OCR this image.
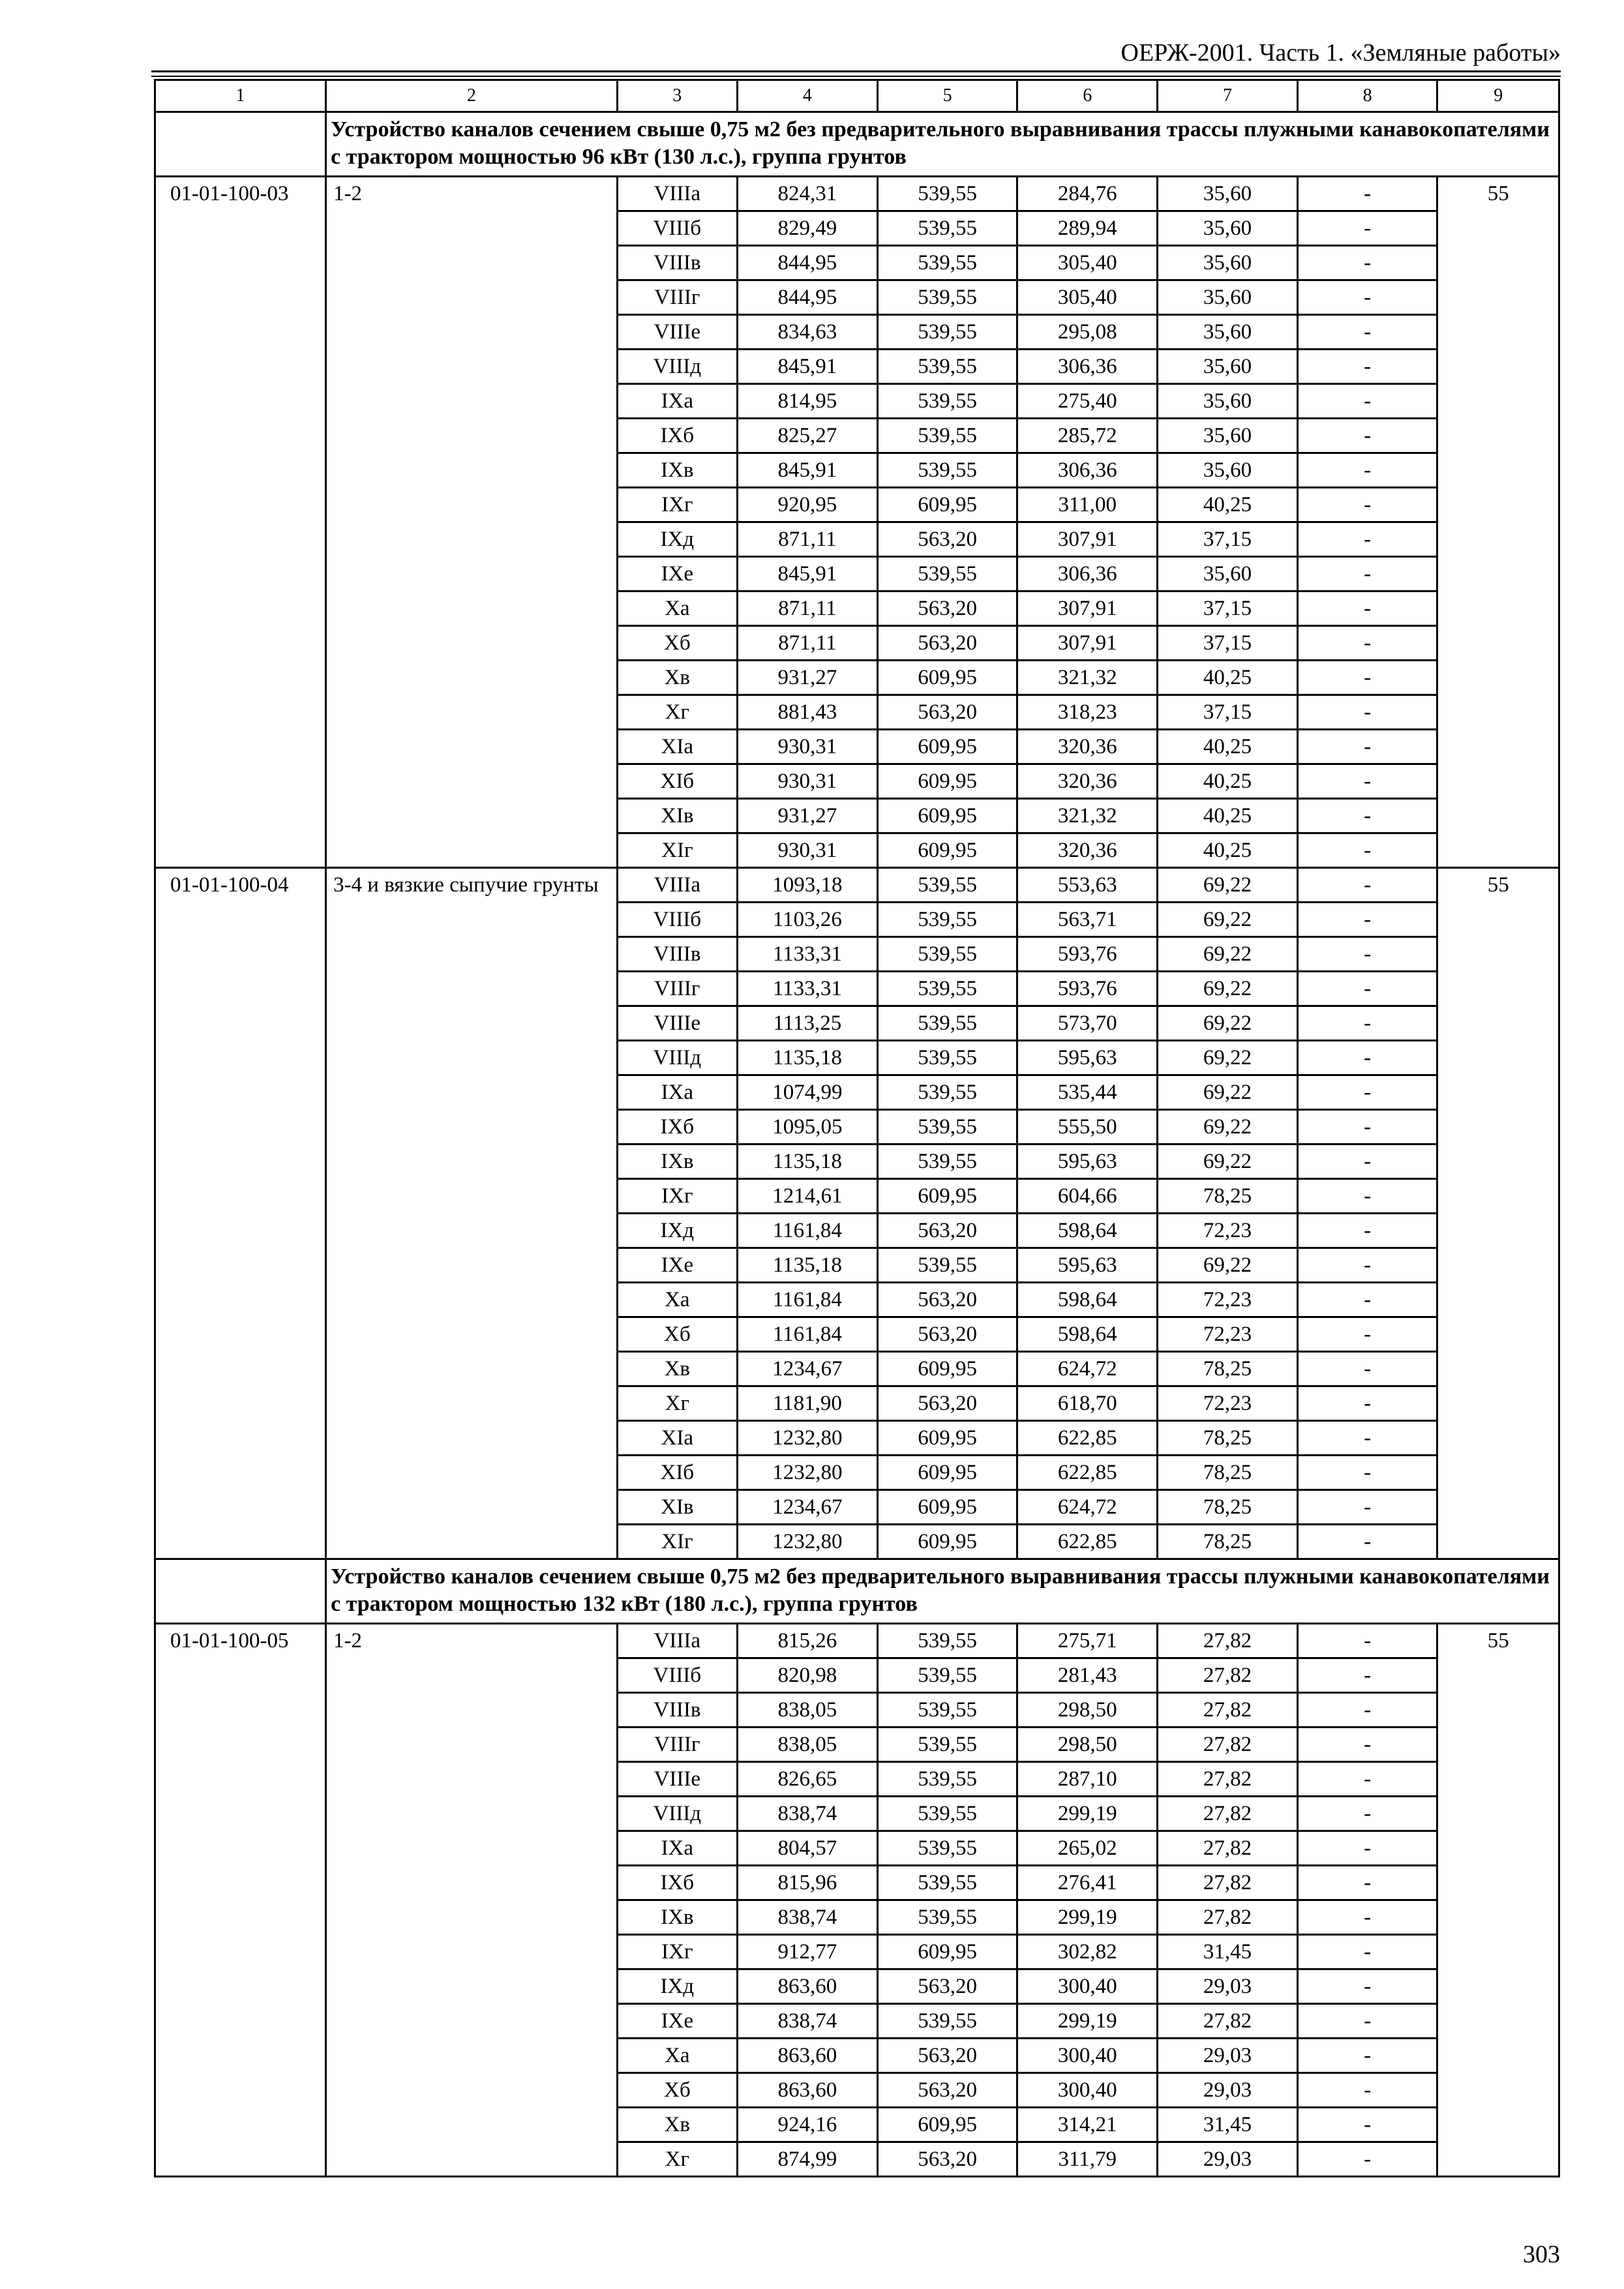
ОЕРЖ-2001. Часть 1. «Земляные работы»
1	2	3	4	5	6	7	8	9
	Устройство каналов сечением свыше 0,75 м2 без предварительного выравнивания трассы плужными канавокопателями с трактором мощностью 96 кВт (130 л.с.), группа грунтов							
01-01-100-03	1-2	VIIIа	824,31	539,55	284,76	35,60	-	55
		VIIIб	829,49	539,55	289,94	35,60	-	
		VIIIв	844,95	539,55	305,40	35,60	-	
		VIIIг	844,95	539,55	305,40	35,60	-	
		VIIIе	834,63	539,55	295,08	35,60	-	
		VIIIд	845,91	539,55	306,36	35,60	-	
		IXа	814,95	539,55	275,40	35,60	-	
		IXб	825,27	539,55	285,72	35,60	-	
		IXв	845,91	539,55	306,36	35,60	-	
		IXг	920,95	609,95	311,00	40,25	-	
		IXд	871,11	563,20	307,91	37,15	-	
		IXе	845,91	539,55	306,36	35,60	-	
		Xа	871,11	563,20	307,91	37,15	-	
		Xб	871,11	563,20	307,91	37,15	-	
		Xв	931,27	609,95	321,32	40,25	-	
		Xг	881,43	563,20	318,23	37,15	-	
		XIа	930,31	609,95	320,36	40,25	-	
		XIб	930,31	609,95	320,36	40,25	-	
		XIв	931,27	609,95	321,32	40,25	-	
		XIг	930,31	609,95	320,36	40,25	-	
01-01-100-04	3-4 и вязкие сыпучие грунты	VIIIа	1093,18	539,55	553,63	69,22	-	55
		VIIIб	1103,26	539,55	563,71	69,22	-	
		VIIIв	1133,31	539,55	593,76	69,22	-	
		VIIIг	1133,31	539,55	593,76	69,22	-	
		VIIIе	1113,25	539,55	573,70	69,22	-	
		VIIIд	1135,18	539,55	595,63	69,22	-	
		IXа	1074,99	539,55	535,44	69,22	-	
		IXб	1095,05	539,55	555,50	69,22	-	
		IXв	1135,18	539,55	595,63	69,22	-	
		IXг	1214,61	609,95	604,66	78,25	-	
		IXд	1161,84	563,20	598,64	72,23	-	
		IXе	1135,18	539,55	595,63	69,22	-	
		Xа	1161,84	563,20	598,64	72,23	-	
		Xб	1161,84	563,20	598,64	72,23	-	
		Xв	1234,67	609,95	624,72	78,25	-	
		Xг	1181,90	563,20	618,70	72,23	-	
		XIа	1232,80	609,95	622,85	78,25	-	
		XIб	1232,80	609,95	622,85	78,25	-	
		XIв	1234,67	609,95	624,72	78,25	-	
		XIг	1232,80	609,95	622,85	78,25	-	
	Устройство каналов сечением свыше 0,75 м2 без предварительного выравнивания трассы плужными канавокопателями с трактором мощностью 132 кВт (180 л.с.), группа грунтов							
01-01-100-05	1-2	VIIIа	815,26	539,55	275,71	27,82	-	55
		VIIIб	820,98	539,55	281,43	27,82	-	
		VIIIв	838,05	539,55	298,50	27,82	-	
		VIIIг	838,05	539,55	298,50	27,82	-	
		VIIIе	826,65	539,55	287,10	27,82	-	
		VIIIд	838,74	539,55	299,19	27,82	-	
		IXа	804,57	539,55	265,02	27,82	-	
		IXб	815,96	539,55	276,41	27,82	-	
		IXв	838,74	539,55	299,19	27,82	-	
		IXг	912,77	609,95	302,82	31,45	-	
		IXд	863,60	563,20	300,40	29,03	-	
		IXе	838,74	539,55	299,19	27,82	-	
		Xа	863,60	563,20	300,40	29,03	-	
		Xб	863,60	563,20	300,40	29,03	-	
		Xв	924,16	609,95	314,21	31,45	-	
		Xг	874,99	563,20	311,79	29,03	-	
303
